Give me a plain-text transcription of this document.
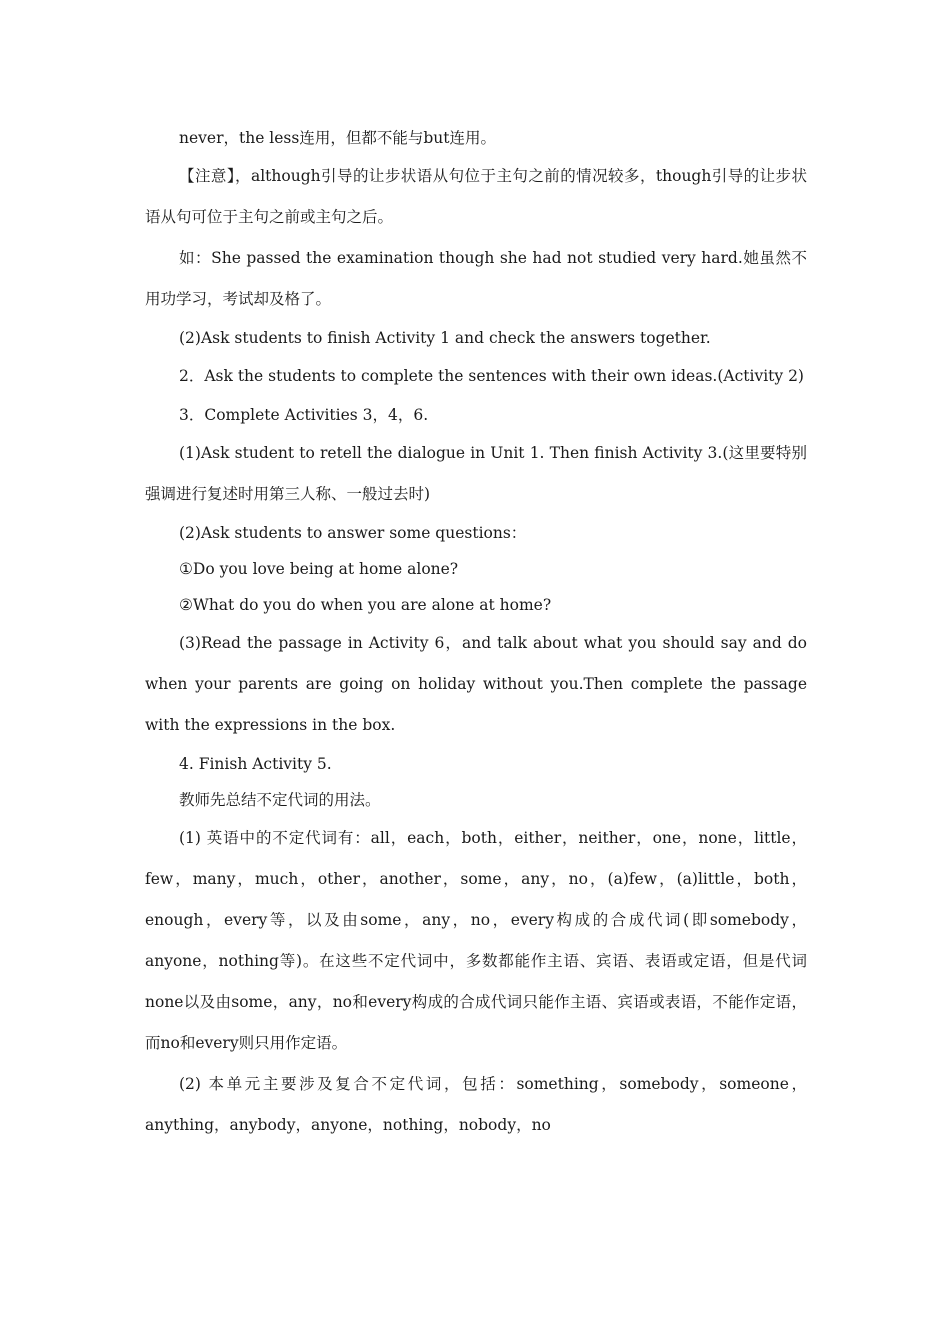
never，the less连用，但都不能与but连用。

【注意】，although引导的让步状语从句位于主句之前的情况较多，though引导的让步状语从句可位于主句之前或主句之后。

如：She passed the examination though she had not studied very hard.她虽然不用功学习，考试却及格了。

(2)Ask students to finish Activity 1 and check the answers together.

2．Ask the students to complete the sentences with their own ideas.(Activity 2)

3．Complete Activities 3，4，6.

(1)Ask student to retell the dialogue in Unit 1. Then finish Activity 3.(这里要特别强调进行复述时用第三人称、一般过去时)

(2)Ask students to answer some questions：

①Do you love being at home alone?

②What do you do when you are alone at home?

(3)Read the passage in Activity 6，and talk about what you should say and do when your parents are going on holiday without you.Then complete the passage with the expressions in the box.

4. Finish Activity 5.

教师先总结不定代词的用法。

(1) 英语中的不定代词有：all，each，both，either，neither，one，none，little，few，many，much，other，another，some，any，no，(a)few，(a)little，both，enough，every等，以及由some，any，no，every构成的合成代词(即somebody，anyone，nothing等)。在这些不定代词中，多数都能作主语、宾语、表语或定语，但是代词none以及由some，any，no和every构成的合成代词只能作主语、宾语或表语，不能作定语，而no和every则只用作定语。

(2) 本单元主要涉及复合不定代词，包括：something，somebody，someone，anything，anybody，anyone，nothing，nobody，no
